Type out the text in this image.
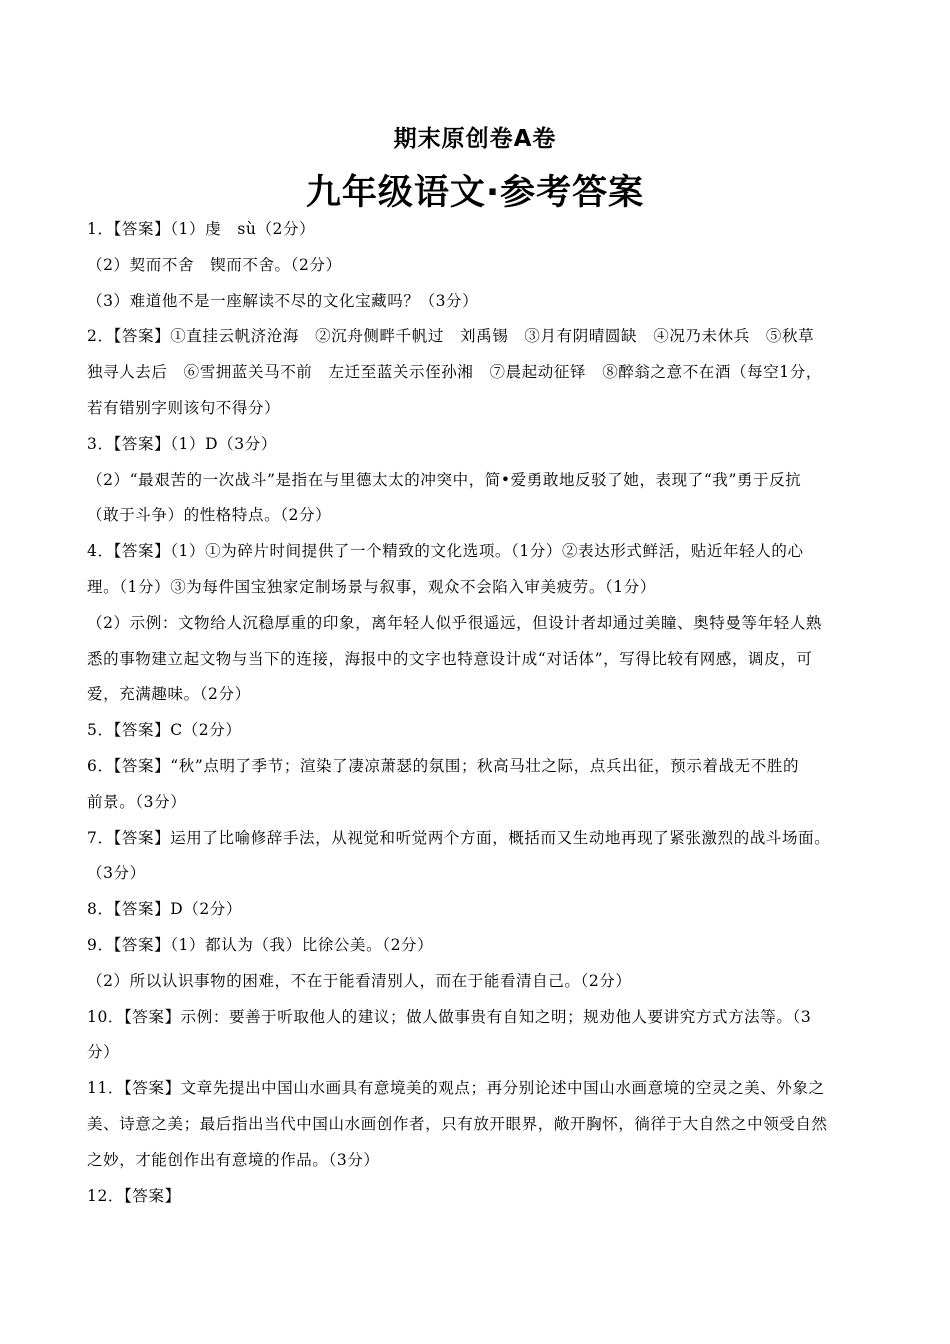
期末原创卷A卷
九年级语文·参考答案
1．【答案】（1）虔　sù（2分）
（2）契而不舍　锲而不舍。（2分）
（3）难道他不是一座解读不尽的文化宝藏吗？（3分）
2．【答案】①直挂云帆济沧海　②沉舟侧畔千帆过　刘禹锡　③月有阴晴圆缺　④况乃未休兵　⑤秋草
独寻人去后　⑥雪拥蓝关马不前　左迁至蓝关示侄孙湘　⑦晨起动征铎　⑧醉翁之意不在酒（每空1分，
若有错别字则该句不得分）
3．【答案】（1）D（3分）
（2）“最艰苦的一次战斗”是指在与里德太太的冲突中，简•爱勇敢地反驳了她，表现了“我”勇于反抗
（敢于斗争）的性格特点。（2分）
4．【答案】（1）①为碎片时间提供了一个精致的文化选项。（1分）②表达形式鲜活，贴近年轻人的心
理。（1分）③为每件国宝独家定制场景与叙事，观众不会陷入审美疲劳。（1分）
（2）示例：文物给人沉稳厚重的印象，离年轻人似乎很遥远，但设计者却通过美瞳、奥特曼等年轻人熟
悉的事物建立起文物与当下的连接，海报中的文字也特意设计成“对话体”，写得比较有网感，调皮，可
爱，充满趣味。（2分）
5．【答案】C（2分）
6．【答案】“秋”点明了季节；渲染了凄凉萧瑟的氛围；秋高马壮之际，点兵出征，预示着战无不胜的
前景。（3分）
7．【答案】运用了比喻修辞手法，从视觉和听觉两个方面，概括而又生动地再现了紧张激烈的战斗场面。
（3分）
8．【答案】D（2分）
9．【答案】（1）都认为（我）比徐公美。（2分）
（2）所以认识事物的困难，不在于能看清别人，而在于能看清自己。（2分）
10．【答案】示例：要善于听取他人的建议；做人做事贵有自知之明；规劝他人要讲究方式方法等。（3
分）
11．【答案】文章先提出中国山水画具有意境美的观点；再分别论述中国山水画意境的空灵之美、外象之
美、诗意之美；最后指出当代中国山水画创作者，只有放开眼界，敞开胸怀，徜徉于大自然之中领受自然
之妙，才能创作出有意境的作品。（3分）
12．【答案】
